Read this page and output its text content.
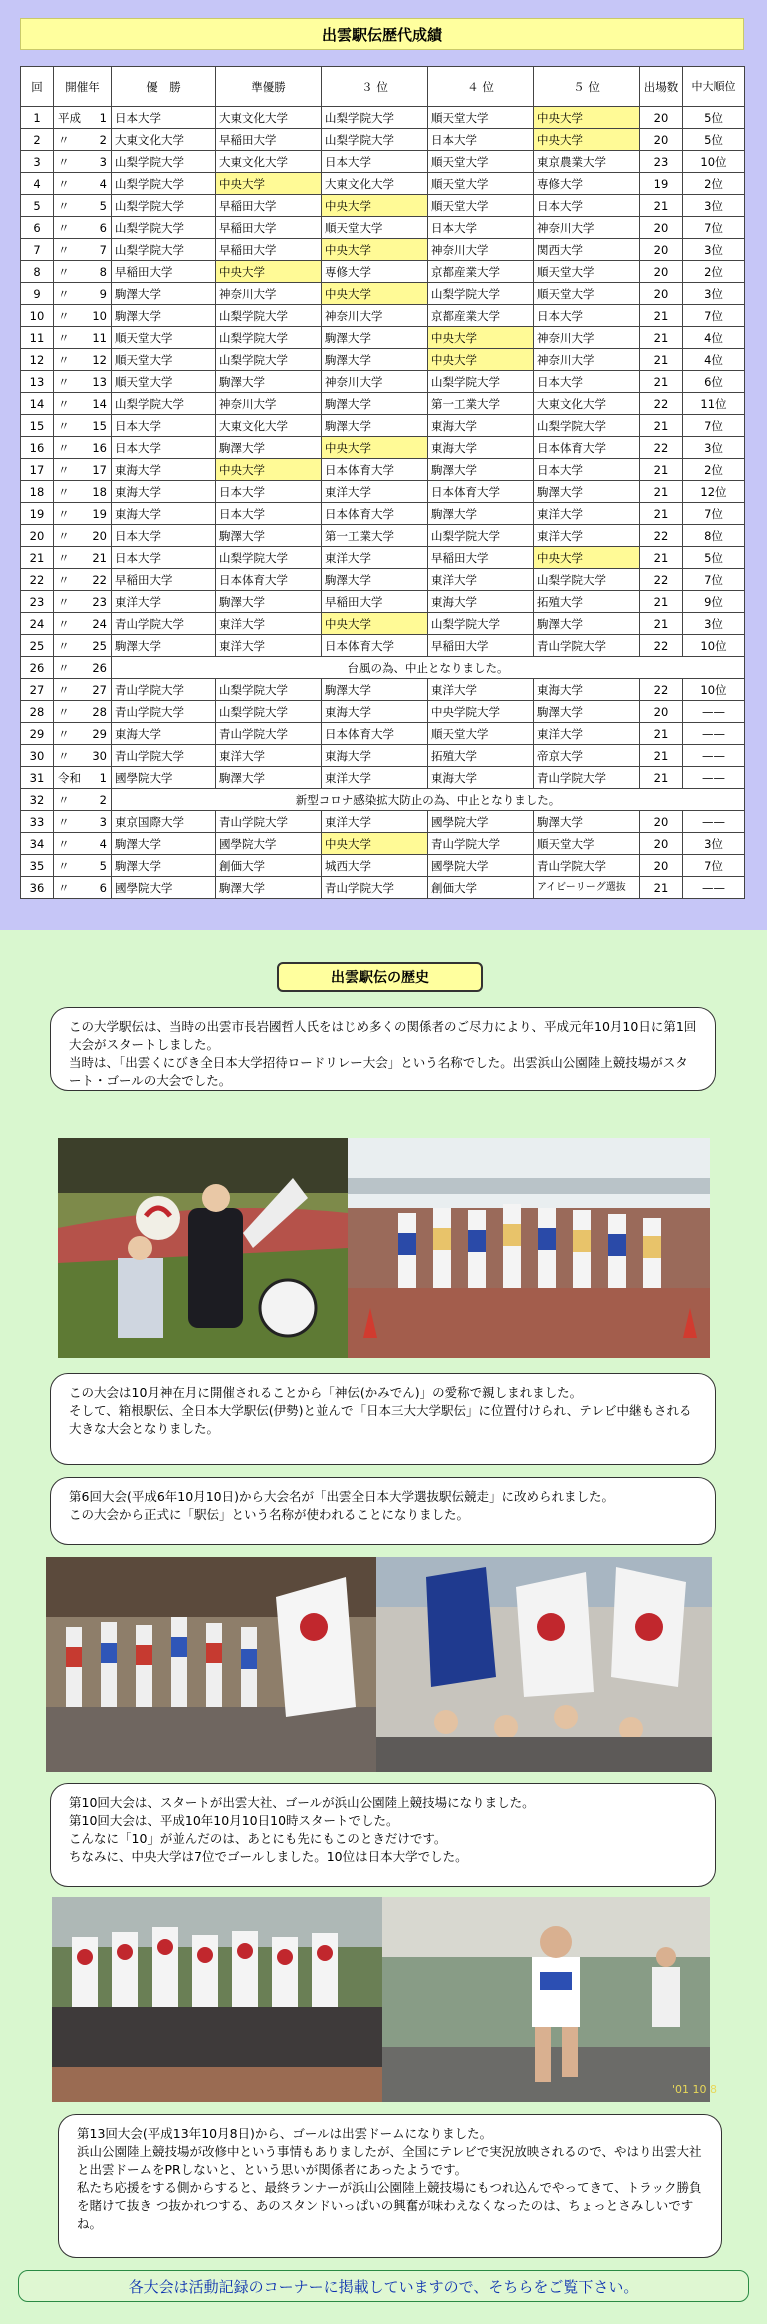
出雲駅伝歴代成績
回	開催年	優　勝	準優勝	３ 位	４ 位	５ 位	出場数	中大順位
1	平成 1	日本大学	大東文化大学	山梨学院大学	順天堂大学	中央大学	20	5位
2	〃 2	大東文化大学	早稲田大学	山梨学院大学	日本大学	中央大学	20	5位
3	〃 3	山梨学院大学	大東文化大学	日本大学	順天堂大学	東京農業大学	23	10位
4	〃 4	山梨学院大学	中央大学	大東文化大学	順天堂大学	専修大学	19	2位
5	〃 5	山梨学院大学	早稲田大学	中央大学	順天堂大学	日本大学	21	3位
6	〃 6	山梨学院大学	早稲田大学	順天堂大学	日本大学	神奈川大学	20	7位
7	〃 7	山梨学院大学	早稲田大学	中央大学	神奈川大学	関西大学	20	3位
8	〃 8	早稲田大学	中央大学	専修大学	京都産業大学	順天堂大学	20	2位
9	〃 9	駒澤大学	神奈川大学	中央大学	山梨学院大学	順天堂大学	20	3位
10	〃 10	駒澤大学	山梨学院大学	神奈川大学	京都産業大学	日本大学	21	7位
11	〃 11	順天堂大学	山梨学院大学	駒澤大学	中央大学	神奈川大学	21	4位
12	〃 12	順天堂大学	山梨学院大学	駒澤大学	中央大学	神奈川大学	21	4位
13	〃 13	順天堂大学	駒澤大学	神奈川大学	山梨学院大学	日本大学	21	6位
14	〃 14	山梨学院大学	神奈川大学	駒澤大学	第一工業大学	大東文化大学	22	11位
15	〃 15	日本大学	大東文化大学	駒澤大学	東海大学	山梨学院大学	21	7位
16	〃 16	日本大学	駒澤大学	中央大学	東海大学	日本体育大学	22	3位
17	〃 17	東海大学	中央大学	日本体育大学	駒澤大学	日本大学	21	2位
18	〃 18	東海大学	日本大学	東洋大学	日本体育大学	駒澤大学	21	12位
19	〃 19	東海大学	日本大学	日本体育大学	駒澤大学	東洋大学	21	7位
20	〃 20	日本大学	駒澤大学	第一工業大学	山梨学院大学	東洋大学	22	8位
21	〃 21	日本大学	山梨学院大学	東洋大学	早稲田大学	中央大学	21	5位
22	〃 22	早稲田大学	日本体育大学	駒澤大学	東洋大学	山梨学院大学	22	7位
23	〃 23	東洋大学	駒澤大学	早稲田大学	東海大学	拓殖大学	21	9位
24	〃 24	青山学院大学	東洋大学	中央大学	山梨学院大学	駒澤大学	21	3位
25	〃 25	駒澤大学	東洋大学	日本体育大学	早稲田大学	青山学院大学	22	10位
26	〃 26	台風の為、中止となりました。						
27	〃 27	青山学院大学	山梨学院大学	駒澤大学	東洋大学	東海大学	22	10位
28	〃 28	青山学院大学	山梨学院大学	東海大学	中央学院大学	駒澤大学	20	——
29	〃 29	東海大学	青山学院大学	日本体育大学	順天堂大学	東洋大学	21	——
30	〃 30	青山学院大学	東洋大学	東海大学	拓殖大学	帝京大学	21	——
31	令和 1	國學院大学	駒澤大学	東洋大学	東海大学	青山学院大学	21	——
32	〃 2	新型コロナ感染拡大防止の為、中止となりました。						
33	〃 3	東京国際大学	青山学院大学	東洋大学	國學院大学	駒澤大学	20	——
34	〃 4	駒澤大学	國學院大学	中央大学	青山学院大学	順天堂大学	20	3位
35	〃 5	駒澤大学	創価大学	城西大学	國學院大学	青山学院大学	20	7位
36	〃 6	國學院大学	駒澤大学	青山学院大学	創価大学	アイビーリーグ選抜	21	——
出雲駅伝の歴史

この大学駅伝は、当時の出雲市長岩國哲人氏をはじめ多くの関係者のご尽力により、平成元年10月10日に第1回大会がスタートしました。
当時は、「出雲くにびき全日本大学招待ロードリレー大会」という名称でした。出雲浜山公園陸上競技場がスタート・ゴールの大会でした。

この大会は10月神在月に開催されることから「神伝(かみでん)」の愛称で親しまれました。
そして、箱根駅伝、全日本大学駅伝(伊勢)と並んで「日本三大大学駅伝」に位置付けられ、テレビ中継もされる大きな大会となりました。

第6回大会(平成6年10月10日)から大会名が「出雲全日本大学選抜駅伝競走」に改められました。
この大会から正式に「駅伝」という名称が使われることになりました。

第10回大会は、スタートが出雲大社、ゴールが浜山公園陸上競技場になりました。
第10回大会は、平成10年10月10日10時スタートでした。
こんなに「10」が並んだのは、あとにも先にもこのときだけです。
ちなみに、中央大学は7位でゴールしました。10位は日本大学でした。

'01 10 8

第13回大会(平成13年10月8日)から、ゴールは出雲ドームになりました。
浜山公園陸上競技場が改修中という事情もありましたが、全国にテレビで実況放映されるので、やはり出雲大社と出雲ドームをPRしないと、という思いが関係者にあったようです。
私たち応援をする側からすると、最終ランナーが浜山公園陸上競技場にもつれ込んでやってきて、トラック勝負を賭けて抜き つ抜かれつする、あのスタンドいっぱいの興奮が味わえなくなったのは、ちょっとさみしいですね。

各大会は活動記録のコーナーに掲載していますので、そちらをご覧下さい。
